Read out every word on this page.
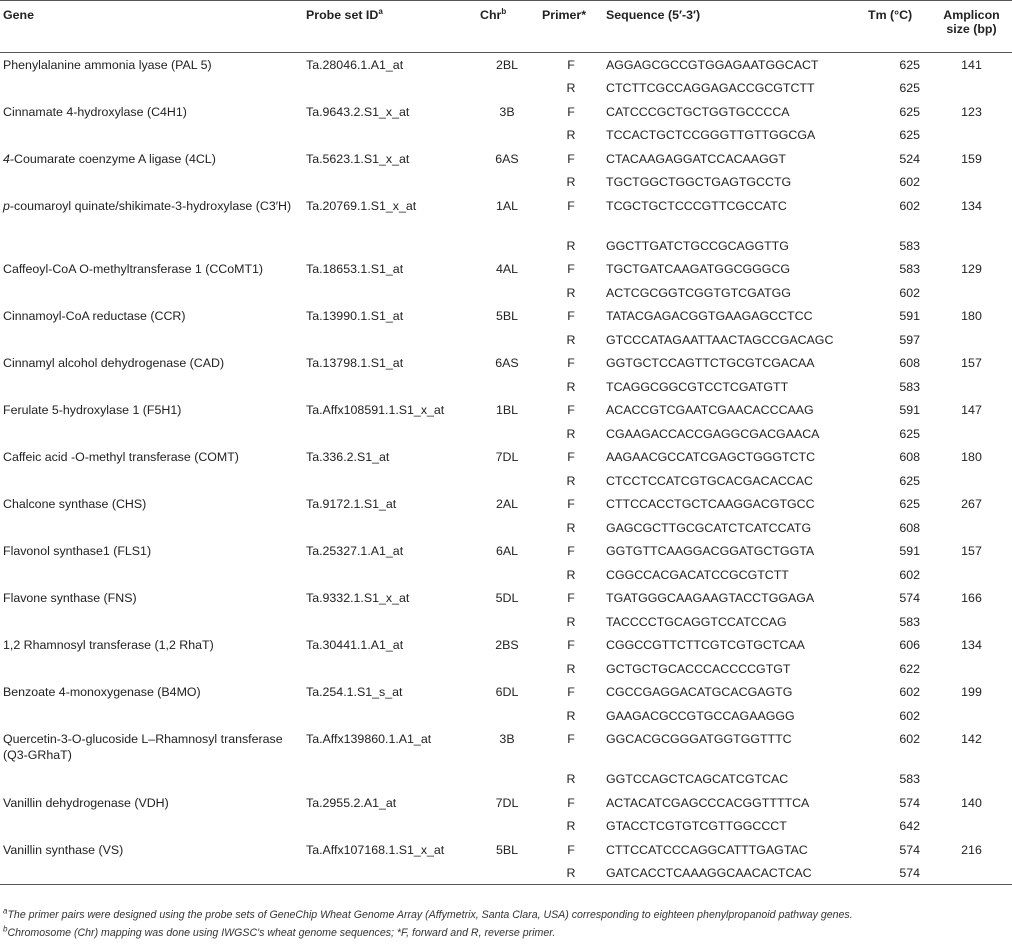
Gene	Probe set $ID^a$	Chr$^b$	Primer*	Sequence (5′-3′)	Tm (°C)	Amplicon size (bp)
Phenylalanine ammonia lyase (PAL 5)	Ta.28046.1.A1_at	2BL	F	AGGAGCGCCGTGGAGAATGGCACT	625	141
			R	CTCTTCGCCAGGAGACCGCGTCTT	625	
Cinnamate 4-hydroxylase (C4H1)	Ta.9643.2.S1_x_at	3B	F	CATCCCGCTGCTGGTGCCCCA	625	123
			R	TCCACTGCTCCGGGTTGTTGGCGA	625	
4-Coumarate coenzyme A ligase (4CL)	Ta.5623.1.S1_x_at	6AS	F	CTACAAGAGGATCCACAAGGT	524	159
			R	TGCTGGCTGGCTGAGTGCCTG	602	
p-coumaroyl quinate/shikimate-3-hydroxylase (C3′H)	Ta.20769.1.S1_x_at	1AL	F	TCGCTGCTCCCGTTCGCCATC	602	134
			R	GGCTTGATCTGCCGCAGGTTG	583	
Caffeoyl-CoA O-methyltransferase 1 (CCoMT1)	Ta.18653.1.S1_at	4AL	F	TGCTGATCAAGATGGCGGGCG	583	129
			R	ACTCGCGGTCGGTGTCGATGG	602	
Cinnamoyl-CoA reductase (CCR)	Ta.13990.1.S1_at	5BL	F	TATACGAGACGGTGAAGAGCCTCC	591	180
			R	GTCCCATAGAATTAACTAGCCGACAGC	597	
Cinnamyl alcohol dehydrogenase (CAD)	Ta.13798.1.S1_at	6AS	F	GGTGCTCCAGTTCTGCGTCGACAA	608	157
			R	TCAGGCGGCGTCCTCGATGTT	583	
Ferulate 5-hydroxylase 1 (F5H1)	Ta.Affx108591.1.S1_x_at	1BL	F	ACACCGTCGAATCGAACACCCAAG	591	147
			R	CGAAGACCACCGAGGCGACGAACA	625	
Caffeic acid -O-methyl transferase (COMT)	Ta.336.2.S1_at	7DL	F	AAGAACGCCATCGAGCTGGGTCTC	608	180
			R	CTCCTCCATCGTGCACGACACCAC	625	
Chalcone synthase (CHS)	Ta.9172.1.S1_at	2AL	F	CTTCCACCTGCTCAAGGACGTGCC	625	267
			R	GAGCGCTTGCGCATCTCATCCATG	608	
Flavonol synthase1 (FLS1)	Ta.25327.1.A1_at	6AL	F	GGTGTTCAAGGACGGATGCTGGTA	591	157
			R	CGGCCACGACATCCGCGTCTT	602	
Flavone synthase (FNS)	Ta.9332.1.S1_x_at	5DL	F	TGATGGGCAAGAAGTACCTGGAGA	574	166
			R	TACCCCTGCAGGTCCATCCAG	583	
1,2 Rhamnosyl transferase (1,2 RhaT)	Ta.30441.1.A1_at	2BS	F	CGGCCGTTCTTCGTCGTGCTCAA	606	134
			R	GCTGCTGCACCCACCCCGTGT	622	
Benzoate 4-monoxygenase (B4MO)	Ta.254.1.S1_s_at	6DL	F	CGCCGAGGACATGCACGAGTG	602	199
			R	GAAGACGCCGTGCCAGAAGGG	602	
Quercetin-3-O-glucoside L–Rhamnosyl transferase (Q3-GRhaT)	Ta.Affx139860.1.A1_at	3B	F	GGCACGCGGGATGGTGGTTTC	602	142
			R	GGTCCAGCTCAGCATCGTCAC	583	
Vanillin dehydrogenase (VDH)	Ta.2955.2.A1_at	7DL	F	ACTACATCGAGCCCACGGTTTTCA	574	140
			R	GTACCTCGTGTCGTTGGCCCT	642	
Vanillin synthase (VS)	Ta.Affx107168.1.S1_x_at	5BL	F	CTTCCATCCCAGGCATTTGAGTAC	574	216
			R	GATCACCTCAAAGGCAACACTCAC	574	
$^a$The primer pairs were designed using the probe sets of GeneChip Wheat Genome Array (Affymetrix, Santa Clara, USA) corresponding to eighteen phenylpropanoid pathway genes.
$^b$Chromosome (Chr) mapping was done using IWGSC's wheat genome sequences; *F, forward and R, reverse primer.
